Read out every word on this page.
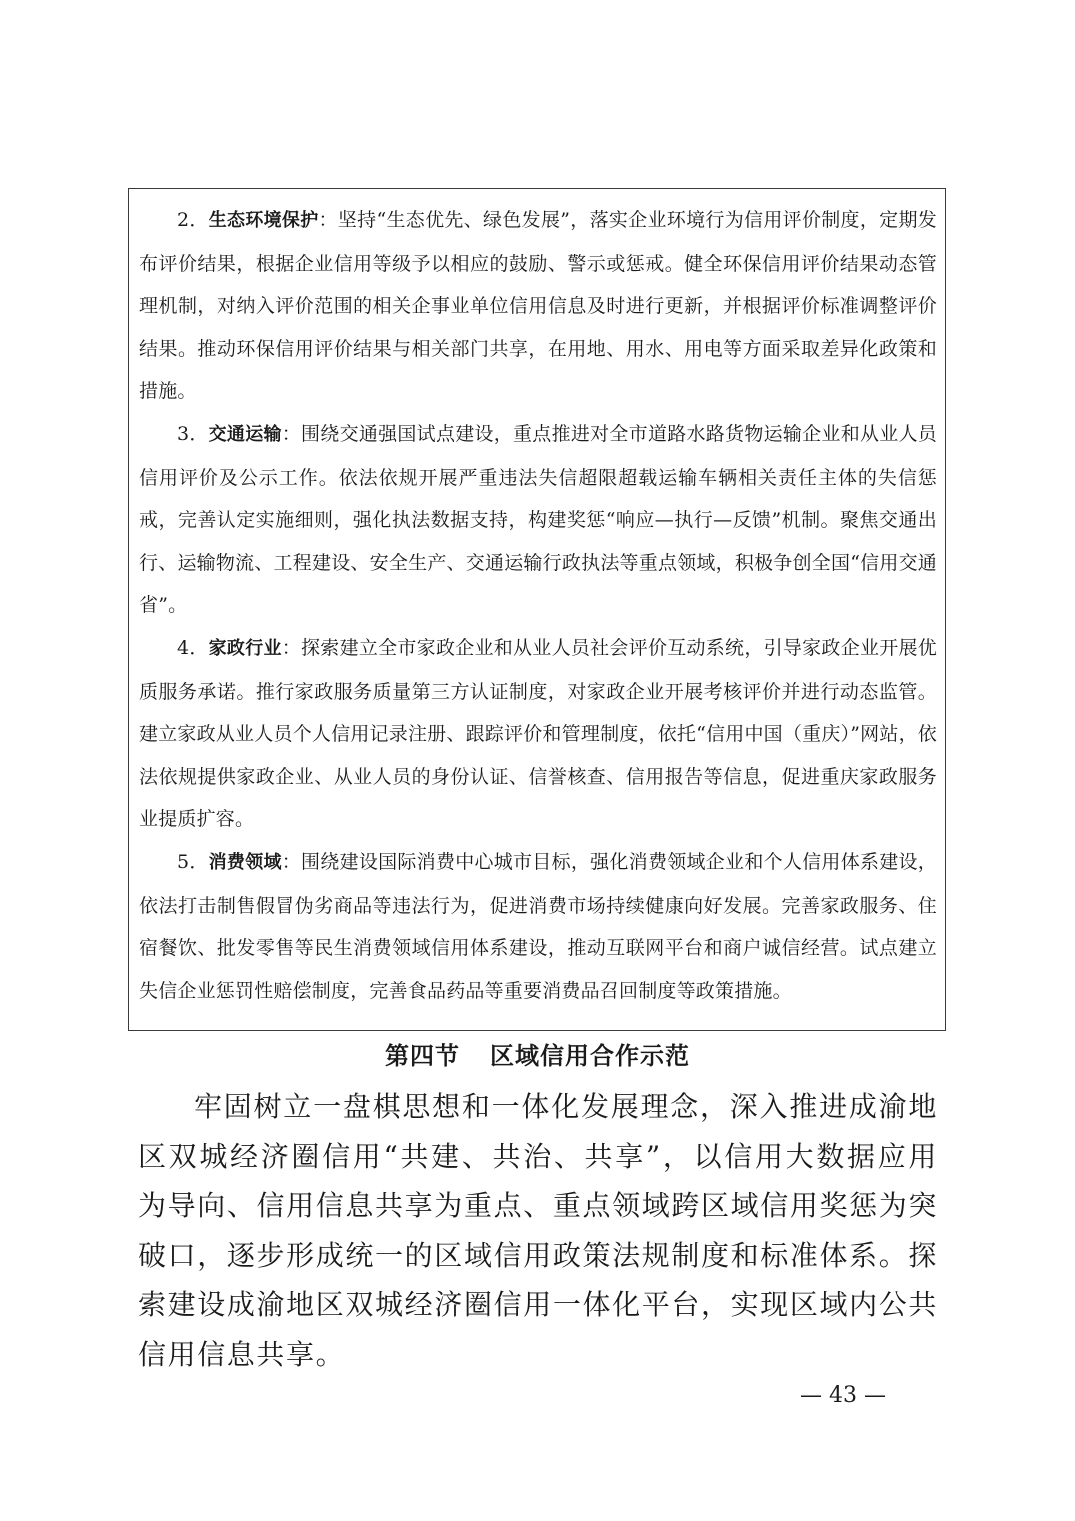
2．生态环境保护：坚持“生态优先、绿色发展”，落实企业环境行为信用评价制度，定期发布评价结果，根据企业信用等级予以相应的鼓励、警示或惩戒。健全环保信用评价结果动态管理机制，对纳入评价范围的相关企事业单位信用信息及时进行更新，并根据评价标准调整评价结果。推动环保信用评价结果与相关部门共享，在用地、用水、用电等方面采取差异化政策和措施。

3．交通运输：围绕交通强国试点建设，重点推进对全市道路水路货物运输企业和从业人员信用评价及公示工作。依法依规开展严重违法失信超限超载运输车辆相关责任主体的失信惩戒，完善认定实施细则，强化执法数据支持，构建奖惩“响应—执行—反馈”机制。聚焦交通出行、运输物流、工程建设、安全生产、交通运输行政执法等重点领域，积极争创全国“信用交通省”。

4．家政行业：探索建立全市家政企业和从业人员社会评价互动系统，引导家政企业开展优质服务承诺。推行家政服务质量第三方认证制度，对家政企业开展考核评价并进行动态监管。建立家政从业人员个人信用记录注册、跟踪评价和管理制度，依托“信用中国（重庆）”网站，依法依规提供家政企业、从业人员的身份认证、信誉核查、信用报告等信息，促进重庆家政服务业提质扩容。

5．消费领域：围绕建设国际消费中心城市目标，强化消费领域企业和个人信用体系建设，依法打击制售假冒伪劣商品等违法行为，促进消费市场持续健康向好发展。完善家政服务、住宿餐饮、批发零售等民生消费领域信用体系建设，推动互联网平台和商户诚信经营。试点建立失信企业惩罚性赔偿制度，完善食品药品等重要消费品召回制度等政策措施。

第四节 区域信用合作示范

牢固树立一盘棋思想和一体化发展理念，深入推进成渝地区双城经济圈信用“共建、共治、共享”，以信用大数据应用为导向、信用信息共享为重点、重点领域跨区域信用奖惩为突破口，逐步形成统一的区域信用政策法规制度和标准体系。探索建设成渝地区双城经济圈信用一体化平台，实现区域内公共信用信息共享。

— 43 —
